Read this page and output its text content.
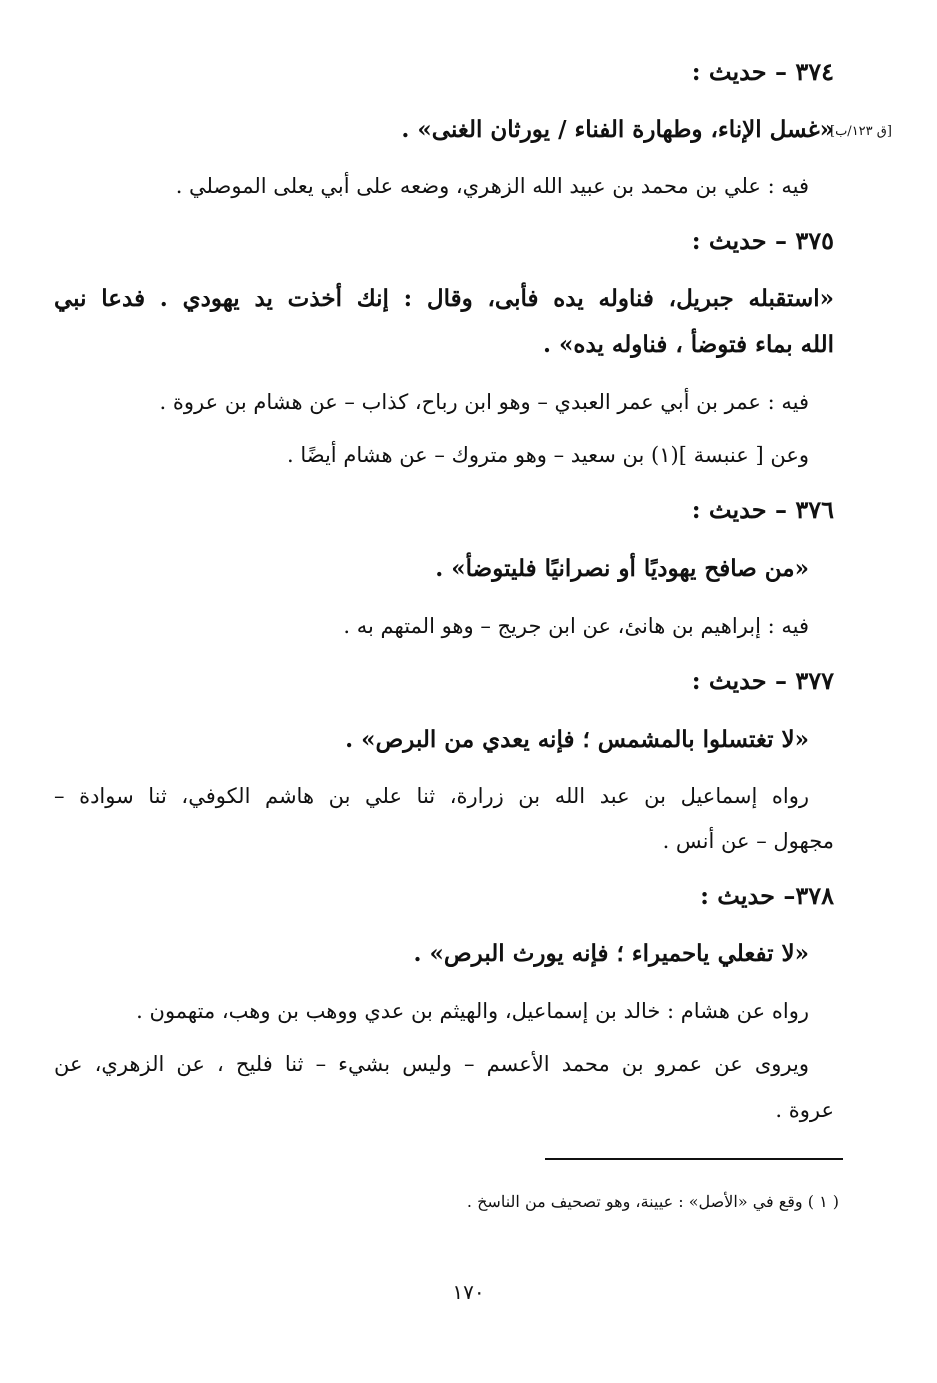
٣٧٤ – حديث :
«غسل الإناء، وطهارة الفناء / يورثان الغنى» .
[ق ١٢٣/ب]
فيه : علي بن محمد بن عبيد الله الزهري، وضعه على أبي يعلى الموصلي .
٣٧٥ – حديث :
«استقبله جبريل، فناوله يده فأبى، وقال : إنك أخذت يد يهودي . فدعا نبي
الله بماء فتوضأ ، فناوله يده» .
فيه : عمر بن أبي عمر العبدي – وهو ابن رباح، كذاب – عن هشام بن عروة .
وعن [ عنبسة ](١) بن سعيد – وهو متروك – عن هشام أيضًا .
٣٧٦ – حديث :
«من صافح يهوديًا أو نصرانيًا فليتوضأ» .
فيه : إبراهيم بن هانئ، عن ابن جريج – وهو المتهم به .
٣٧٧ – حديث :
«لا تغتسلوا بالمشمس ؛ فإنه يعدي من البرص» .
رواه إسماعيل بن عبد الله بن زرارة، ثنا علي بن هاشم الكوفي، ثنا سوادة –
مجهول – عن أنس .
٣٧٨– حديث :
«لا تفعلي ياحميراء ؛ فإنه يورث البرص» .
رواه عن هشام : خالد بن إسماعيل، والهيثم بن عدي ووهب بن وهب، متهمون .
ويروى عن عمرو بن محمد الأعسم – وليس بشيء – ثنا فليح ، عن الزهري، عن
عروة .
( ١ ) وقع في «الأصل» : عيينة، وهو تصحيف من الناسخ .
١٧٠
